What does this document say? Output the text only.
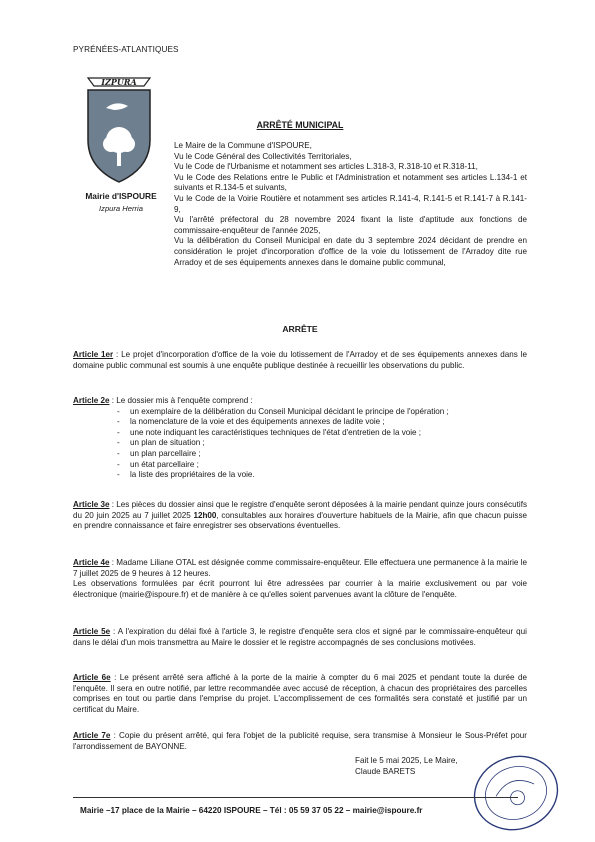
PYRÉNÉES-ATLANTIQUES
IZPURA
Mairie d'ISPOURE
Izpura Herria
ARRÊTÉ MUNICIPAL

Le Maire de la Commune d'ISPOURE,

Vu le Code Général des Collectivités Territoriales,

Vu le Code de l'Urbanisme et notamment ses articles L.318-3, R.318-10 et R.318-11,

Vu le Code des Relations entre le Public et l'Administration et notamment ses articles L.134-1 et suivants et R.134-5 et suivants,

Vu le Code de la Voirie Routière et notamment ses articles R.141-4, R.141-5 et R.141-7 à R.141-9,

Vu l'arrêté préfectoral du 28 novembre 2024 fixant la liste d'aptitude aux fonctions de commissaire-enquêteur de l'année 2025,

Vu la délibération du Conseil Municipal en date du 3 septembre 2024 décidant de prendre en considération le projet d'incorporation d'office de la voie du lotissement de l'Arradoy dite rue Arradoy et de ses équipements annexes dans le domaine public communal,

ARRÊTE

Article 1er : Le projet d'incorporation d'office de la voie du lotissement de l'Arradoy et de ses équipements annexes dans le domaine public communal est soumis à une enquête publique destinée à recueillir les observations du public.

Article 2e : Le dossier mis à l'enquête comprend :

- un exemplaire de la délibération du Conseil Municipal décidant le principe de l'opération ;
- la nomenclature de la voie et des équipements annexes de ladite voie ;
- une note indiquant les caractéristiques techniques de l'état d'entretien de la voie ;
- un plan de situation ;
- un plan parcellaire ;
- un état parcellaire ;
- la liste des propriétaires de la voie.

Article 3e : Les pièces du dossier ainsi que le registre d'enquête seront déposées à la mairie pendant quinze jours consécutifs du 20 juin 2025 au 7 juillet 2025 12h00, consultables aux horaires d'ouverture habituels de la Mairie, afin que chacun puisse en prendre connaissance et faire enregistrer ses observations éventuelles.

Article 4e : Madame Liliane OTAL est désignée comme commissaire-enquêteur. Elle effectuera une permanence à la mairie le 7 juillet 2025 de 9 heures à 12 heures.

Les observations formulées par écrit pourront lui être adressées par courrier à la mairie exclusivement ou par voie électronique (mairie@ispoure.fr) et de manière à ce qu'elles soient parvenues avant la clôture de l'enquête.

Article 5e : A l'expiration du délai fixé à l'article 3, le registre d'enquête sera clos et signé par le commissaire-enquêteur qui dans le délai d'un mois transmettra au Maire le dossier et le registre accompagnés de ses conclusions motivées.

Article 6e : Le présent arrêté sera affiché à la porte de la mairie à compter du 6 mai 2025 et pendant toute la durée de l'enquête. Il sera en outre notifié, par lettre recommandée avec accusé de réception, à chacun des propriétaires des parcelles comprises en tout ou partie dans l'emprise du projet. L'accomplissement de ces formalités sera constaté et justifié par un certificat du Maire.

Article 7e : Copie du présent arrêté, qui fera l'objet de la publicité requise, sera transmise à Monsieur le Sous-Préfet pour l'arrondissement de BAYONNE.

Fait le 5 mai 2025, Le Maire,
Claude BARETS
Mairie –17 place de la Mairie – 64220 ISPOURE – Tél : 05 59 37 05 22 – mairie@ispoure.fr
